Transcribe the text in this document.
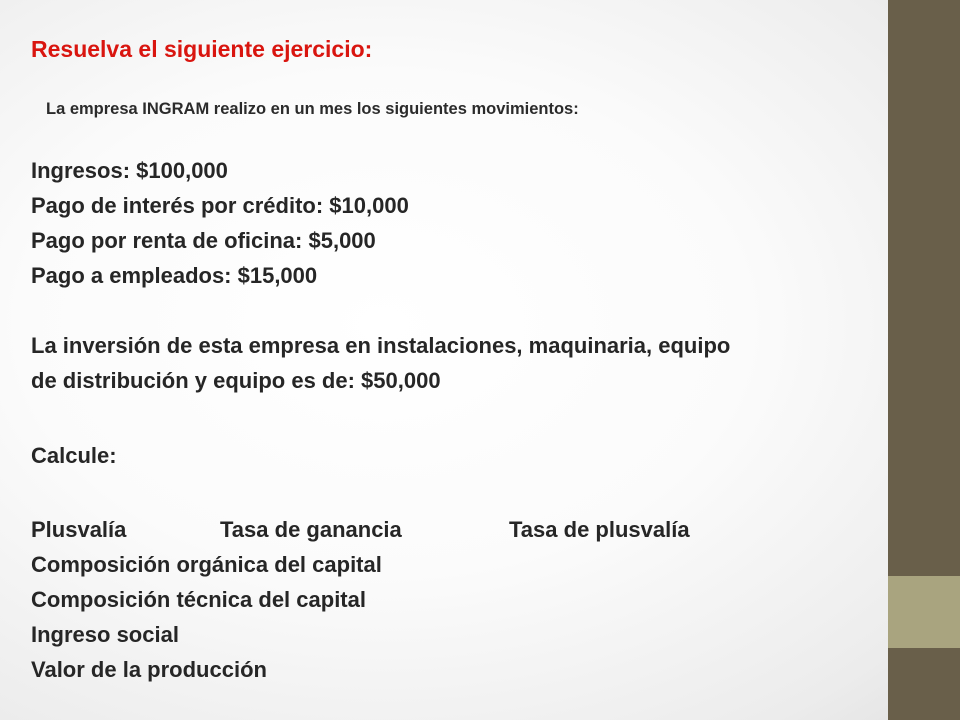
Resuelva el siguiente ejercicio:

La empresa INGRAM realizo en un mes los siguientes movimientos:

Ingresos: $100,000

Pago de interés por crédito: $10,000

Pago por renta de oficina: $5,000

Pago a empleados: $15,000

La inversión de esta empresa en instalaciones, maquinaria, equipo

de distribución y equipo es de: $50,000

Calcule:

Plusvalía	Tasa de ganancia	Tasa de plusvalía

Composición orgánica del capital

Composición técnica del capital

Ingreso social

Valor de la producción
